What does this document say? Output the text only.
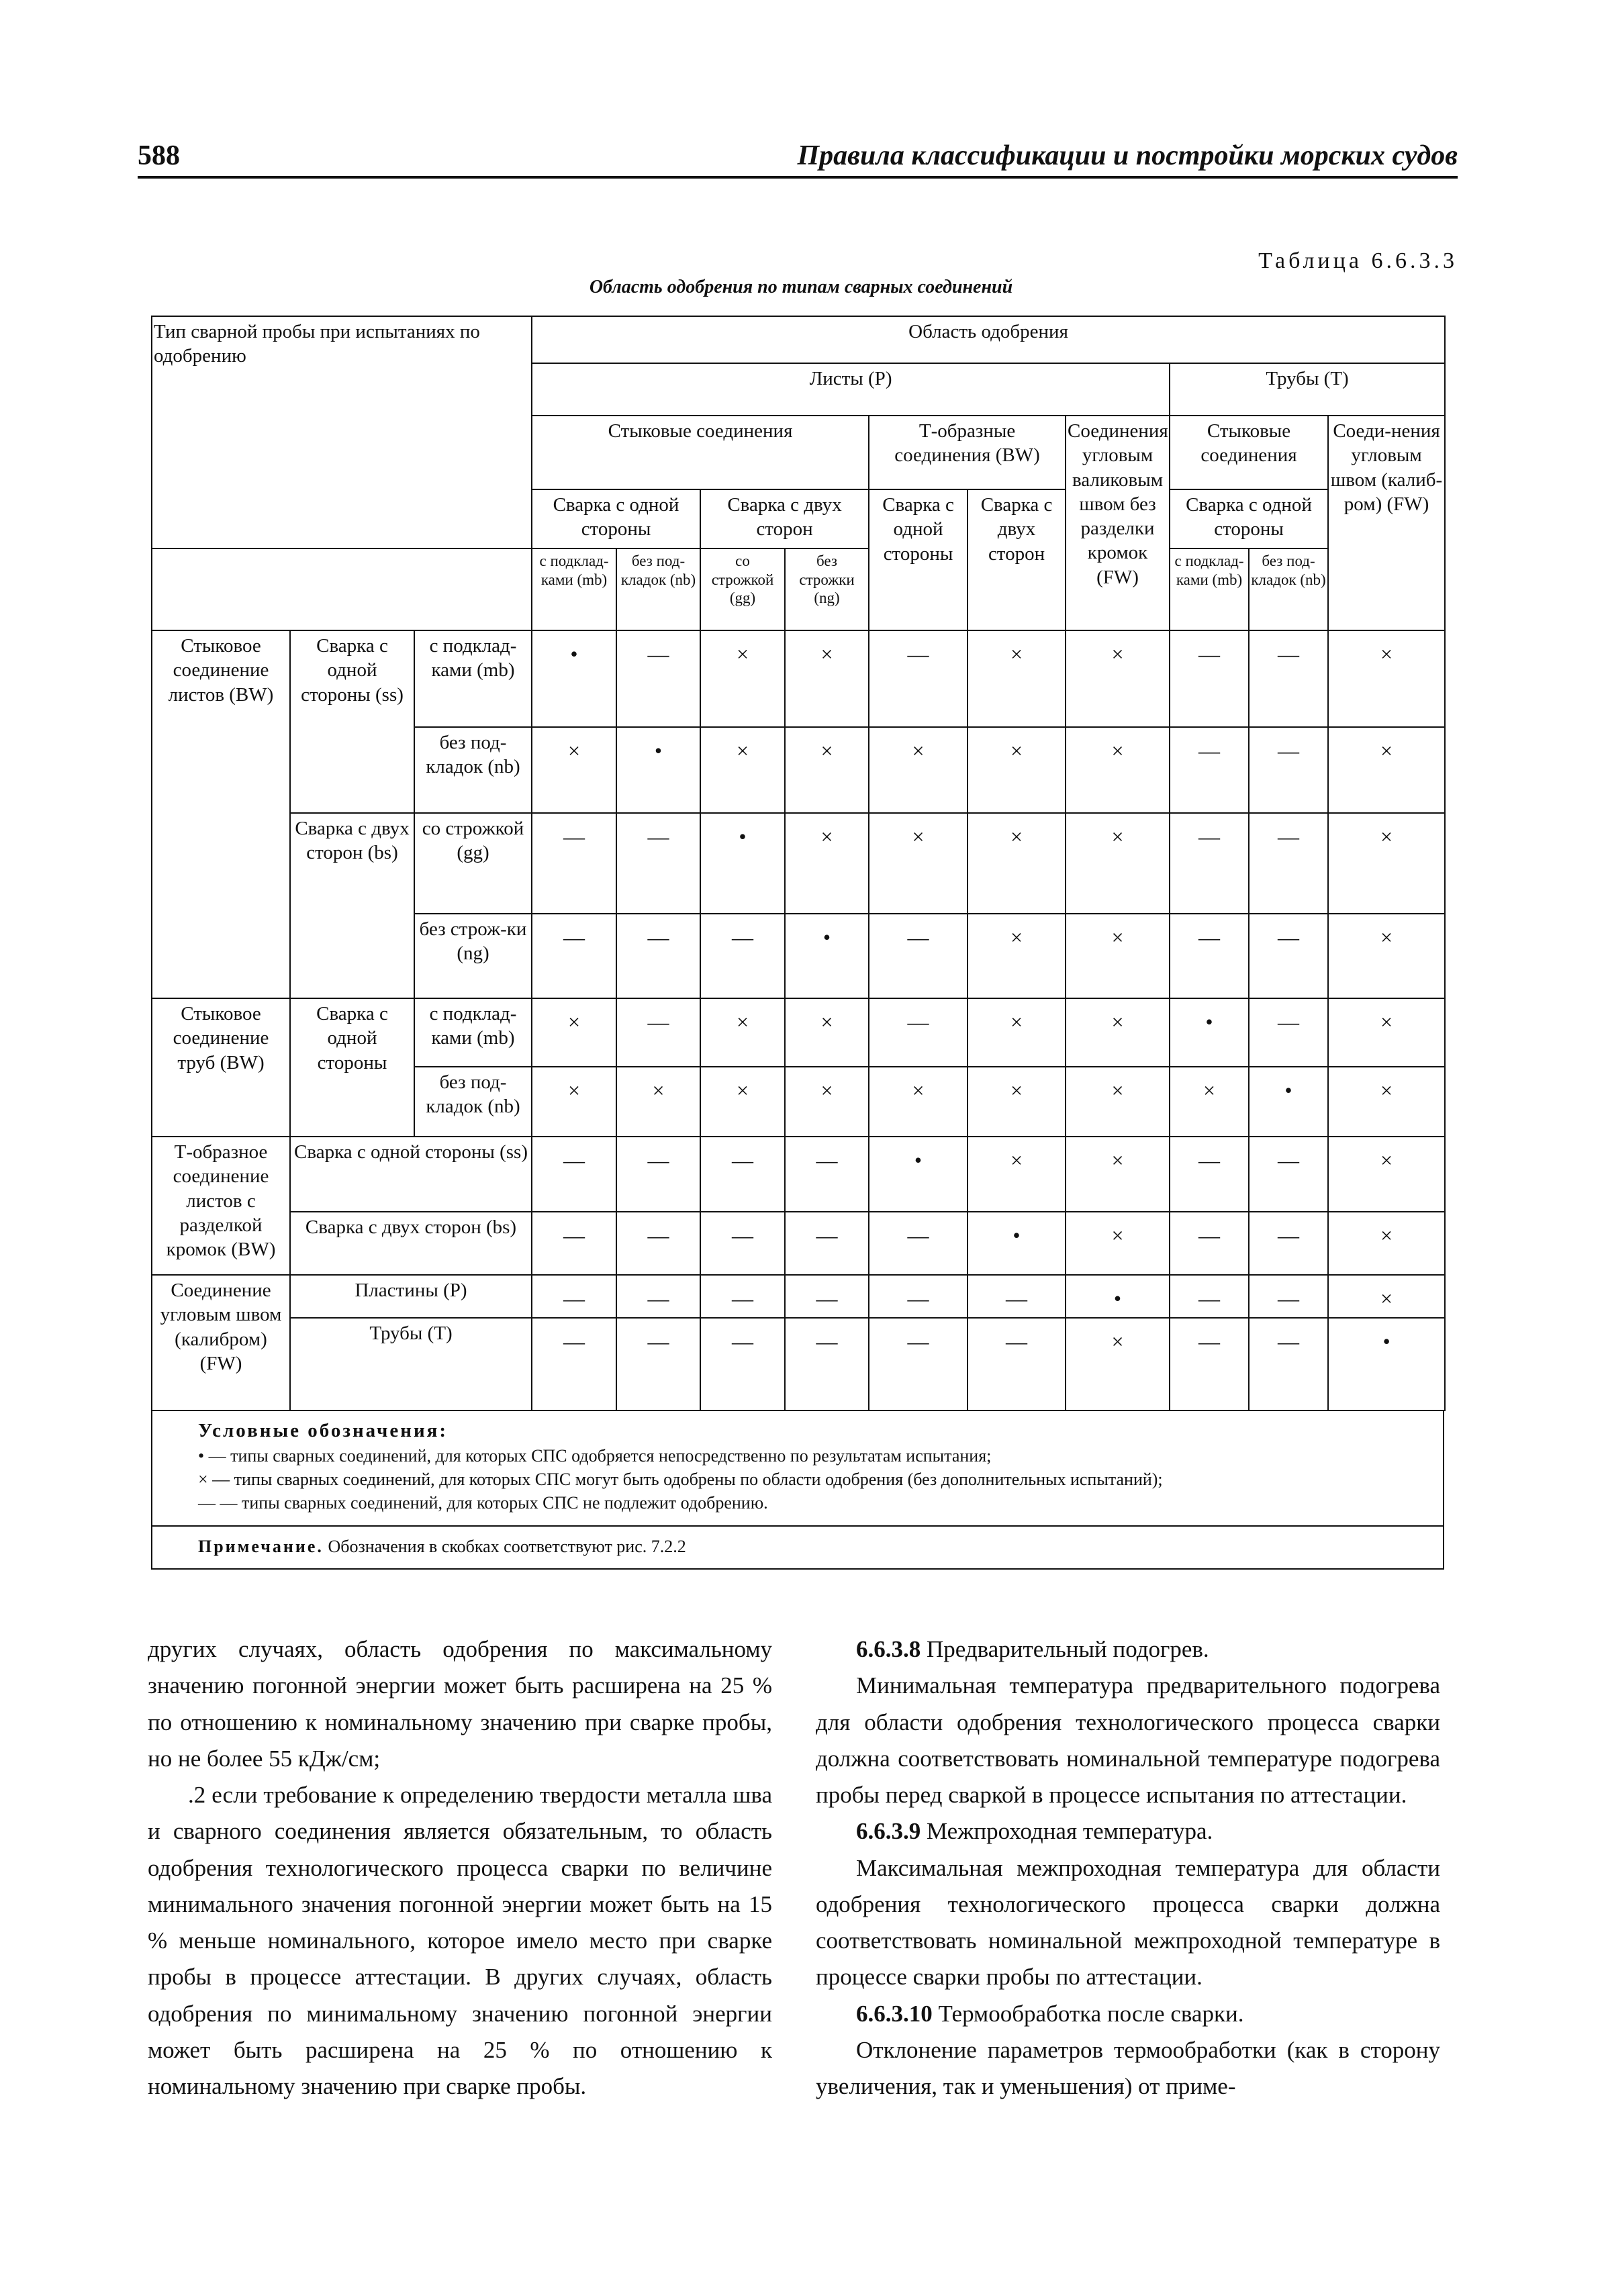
588	Правила классификации и постройки морских судов
Таблица 6.6.3.3
Область одобрения по типам сварных соединений
Тип сварной пробы при испытаниях по одобрению			Область одобрения									
			Листы (P)							Трубы (T)		
			Стыковые соединения				Т-образные соединения (BW)		Соединения угловым валиковым швом без разделки кромок (FW)	Стыковые соединения		Соеди-нения угловым швом (калиб-ром) (FW)
			Сварка с одной стороны		Сварка с двух сторон		Сварка с одной стороны	Сварка с двух сторон		Сварка с одной стороны		
			с подклад-ками (mb)	без под-кладок (nb)	со строжкой (gg)	без строжки (ng)				с подклад-ками (mb)	без под-кладок (nb)	
Стыковое соединение листов (BW)	Сварка с одной стороны (ss)	с подклад-ками (mb)	•	—	×	×	—	×	×	—	—	×
		без под-кладок (nb)	×	•	×	×	×	×	×	—	—	×
	Сварка с двух сторон (bs)	со строжкой (gg)	—	—	•	×	×	×	×	—	—	×
		без строж-ки (ng)	—	—	—	•	—	×	×	—	—	×
Стыковое соединение труб (BW)	Сварка с одной стороны	с подклад-ками (mb)	×	—	×	×	—	×	×	•	—	×
		без под-кладок (nb)	×	×	×	×	×	×	×	×	•	×
Т-образное соединение листов с разделкой кромок (BW)	Сварка с одной стороны (ss)		—	—	—	—	•	×	×	—	—	×
	Сварка с двух сторон (bs)		—	—	—	—	—	•	×	—	—	×
Соединение угловым швом (калибром) (FW)	Пластины (P)		—	—	—	—	—	—	•	—	—	×
	Трубы (T)		—	—	—	—	—	—	×	—	—	•
Условные обозначения:
• — типы сварных соединений, для которых СПС одобряется непосредственно по результатам испытания;
× — типы сварных соединений, для которых СПС могут быть одобрены по области одобрения (без дополнительных испытаний);
— — типы сварных соединений, для которых СПС не подлежит одобрению.
Примечание. Обозначения в скобках соответствуют рис. 7.2.2

других случаях, область одобрения по максимальному значению погонной энергии может быть расширена на 25 % по отношению к номинальному значению при сварке пробы, но не более 55 кДж/см;

.2 если требование к определению твердости металла шва и сварного соединения является обязательным, то область одобрения технологического процесса сварки по величине минимального значения погонной энергии может быть на 15 % меньше номинального, которое имело место при сварке пробы в процессе аттестации. В других случаях, область одобрения по минимальному значению погонной энергии может быть расширена на 25 % по отношению к номинальному значению при сварке пробы.

6.6.3.8 Предварительный подогрев.

Минимальная температура предварительного подогрева для области одобрения технологического процесса сварки должна соответствовать номинальной температуре подогрева пробы перед сваркой в процессе испытания по аттестации.

6.6.3.9 Межпроходная температура.

Максимальная межпроходная температура для области одобрения технологического процесса сварки должна соответствовать номинальной межпроходной температуре в процессе сварки пробы по аттестации.

6.6.3.10 Термообработка после сварки.

Отклонение параметров термообработки (как в сторону увеличения, так и уменьшения) от приме-
